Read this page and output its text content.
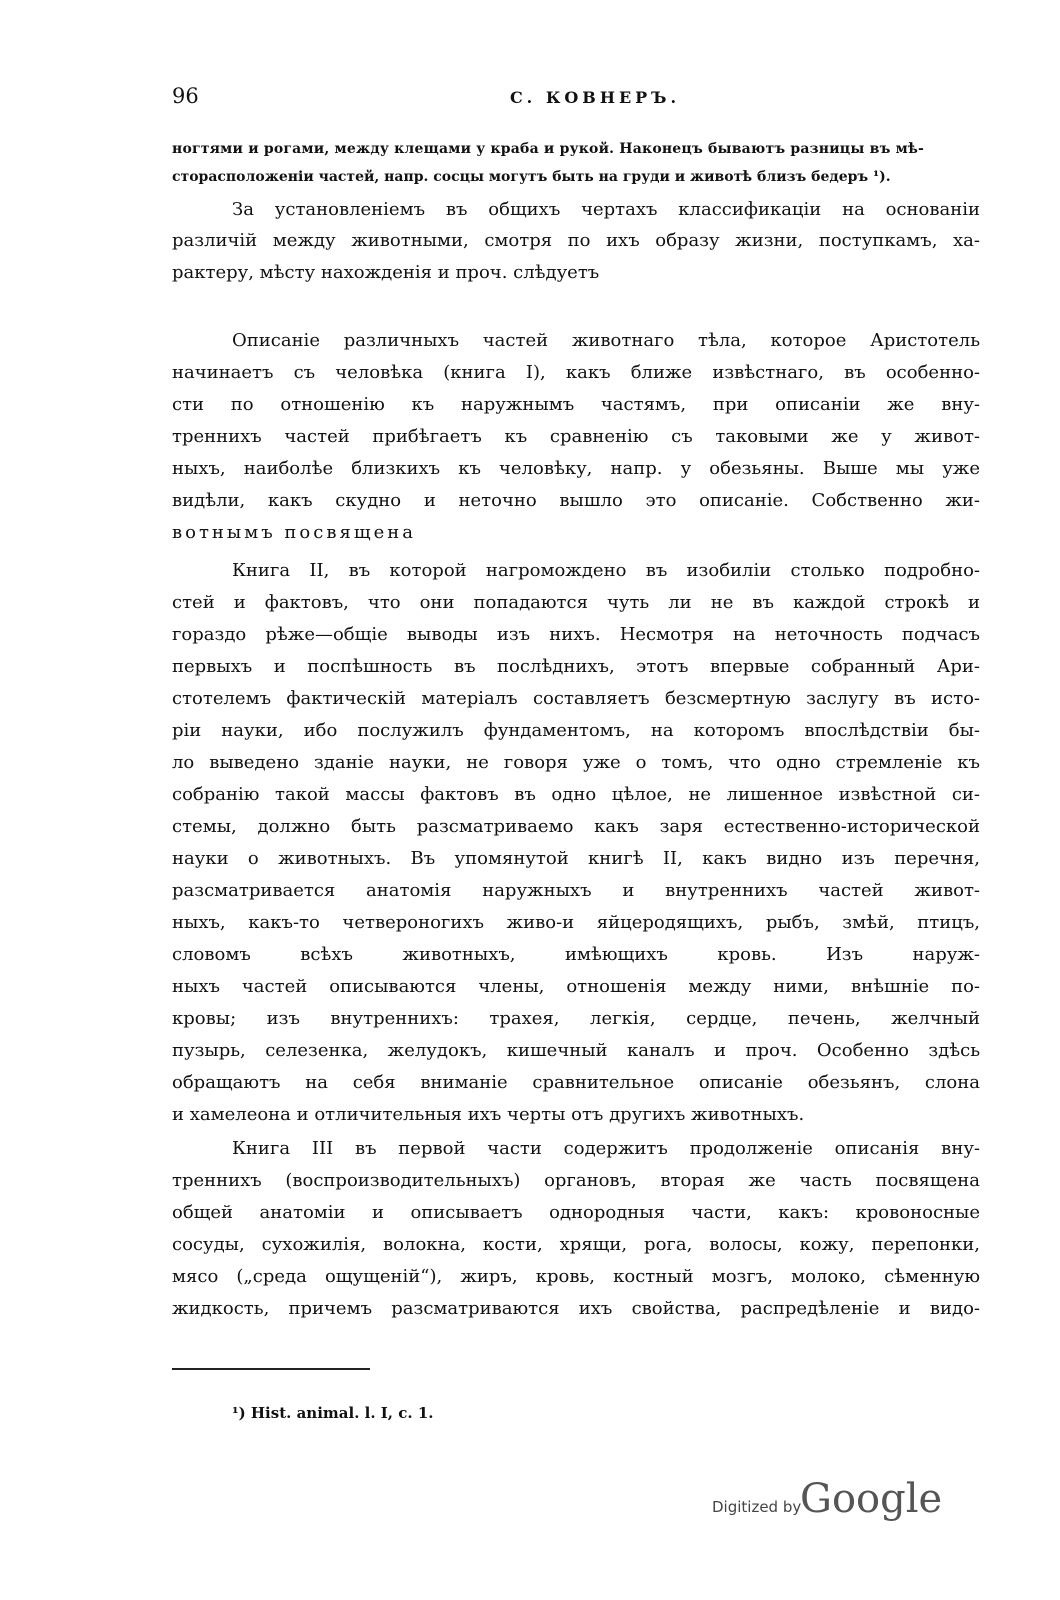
96	С. КОВНЕРЪ.
ногтями и рогами, между клещами у краба и рукой. Наконецъ бываютъ разницы въ мѣ-
сторасположеніи частей, напр. сосцы могутъ быть на груди и животѣ близъ бедеръ ¹).
За установленіемъ въ общихъ чертахъ классификаціи на основаніи
различій между животными, смотря по ихъ образу жизни, поступкамъ, ха-
рактеру, мѣсту нахожденія и проч. слѣдуетъ
Описаніе различныхъ частей животнаго тѣла, которое Аристотель
начинаетъ съ человѣка (книга I), какъ ближе извѣстнаго, въ особенно-
сти по отношенію къ наружнымъ частямъ, при описаніи же вну-
треннихъ частей прибѣгаетъ къ сравненію съ таковыми же у живот-
ныхъ, наиболѣе близкихъ къ человѣку, напр. у обезьяны. Выше мы уже
видѣли, какъ скудно и неточно вышло это описаніе. Собственно жи-
вотнымъ посвящена
Книга II, въ которой нагромождено въ изобиліи столько подробно-
стей и фактовъ, что они попадаются чуть ли не въ каждой строкѣ и
гораздо рѣже—общіе выводы изъ нихъ. Несмотря на неточность подчасъ
первыхъ и поспѣшность въ послѣднихъ, этотъ впервые собранный Ари-
стотелемъ фактическій матеріалъ составляетъ безсмертную заслугу въ исто-
ріи науки, ибо послужилъ фундаментомъ, на которомъ впослѣдствіи бы-
ло выведено зданіе науки, не говоря уже о томъ, что одно стремленіе къ
собранію такой массы фактовъ въ одно цѣлое, не лишенное извѣстной си-
стемы, должно быть разсматриваемо какъ заря естественно-исторической
науки о животныхъ. Въ упомянутой книгѣ II, какъ видно изъ перечня,
разсматривается анатомія наружныхъ и внутреннихъ частей живот-
ныхъ, какъ-то четвероногихъ живо-и яйцеродящихъ, рыбъ, змѣй, птицъ,
словомъ всѣхъ животныхъ, имѣющихъ кровь. Изъ наруж-
ныхъ частей описываются члены, отношенія между ними, внѣшніе по-
кровы; изъ внутреннихъ: трахея, легкія, сердце, печень, желчный
пузырь, селезенка, желудокъ, кишечный каналъ и проч. Особенно здѣсь
обращаютъ на себя вниманіе сравнительное описаніе обезьянъ, слона
и хамелеона и отличительныя ихъ черты отъ другихъ животныхъ.
Книга III въ первой части содержитъ продолженіе описанія вну-
треннихъ (воспроизводительныхъ) органовъ, вторая же часть посвящена
общей анатоміи и описываетъ однородныя части, какъ: кровоносные
сосуды, сухожилія, волокна, кости, хрящи, рога, волосы, кожу, перепонки,
мясо („среда ощущеній“), жиръ, кровь, костный мозгъ, молоко, сѣменную
жидкость, причемъ разсматриваются ихъ свойства, распредѣленіе и видо-
¹) Hist. animal. l. I, c. 1.
Digitized by
Google
